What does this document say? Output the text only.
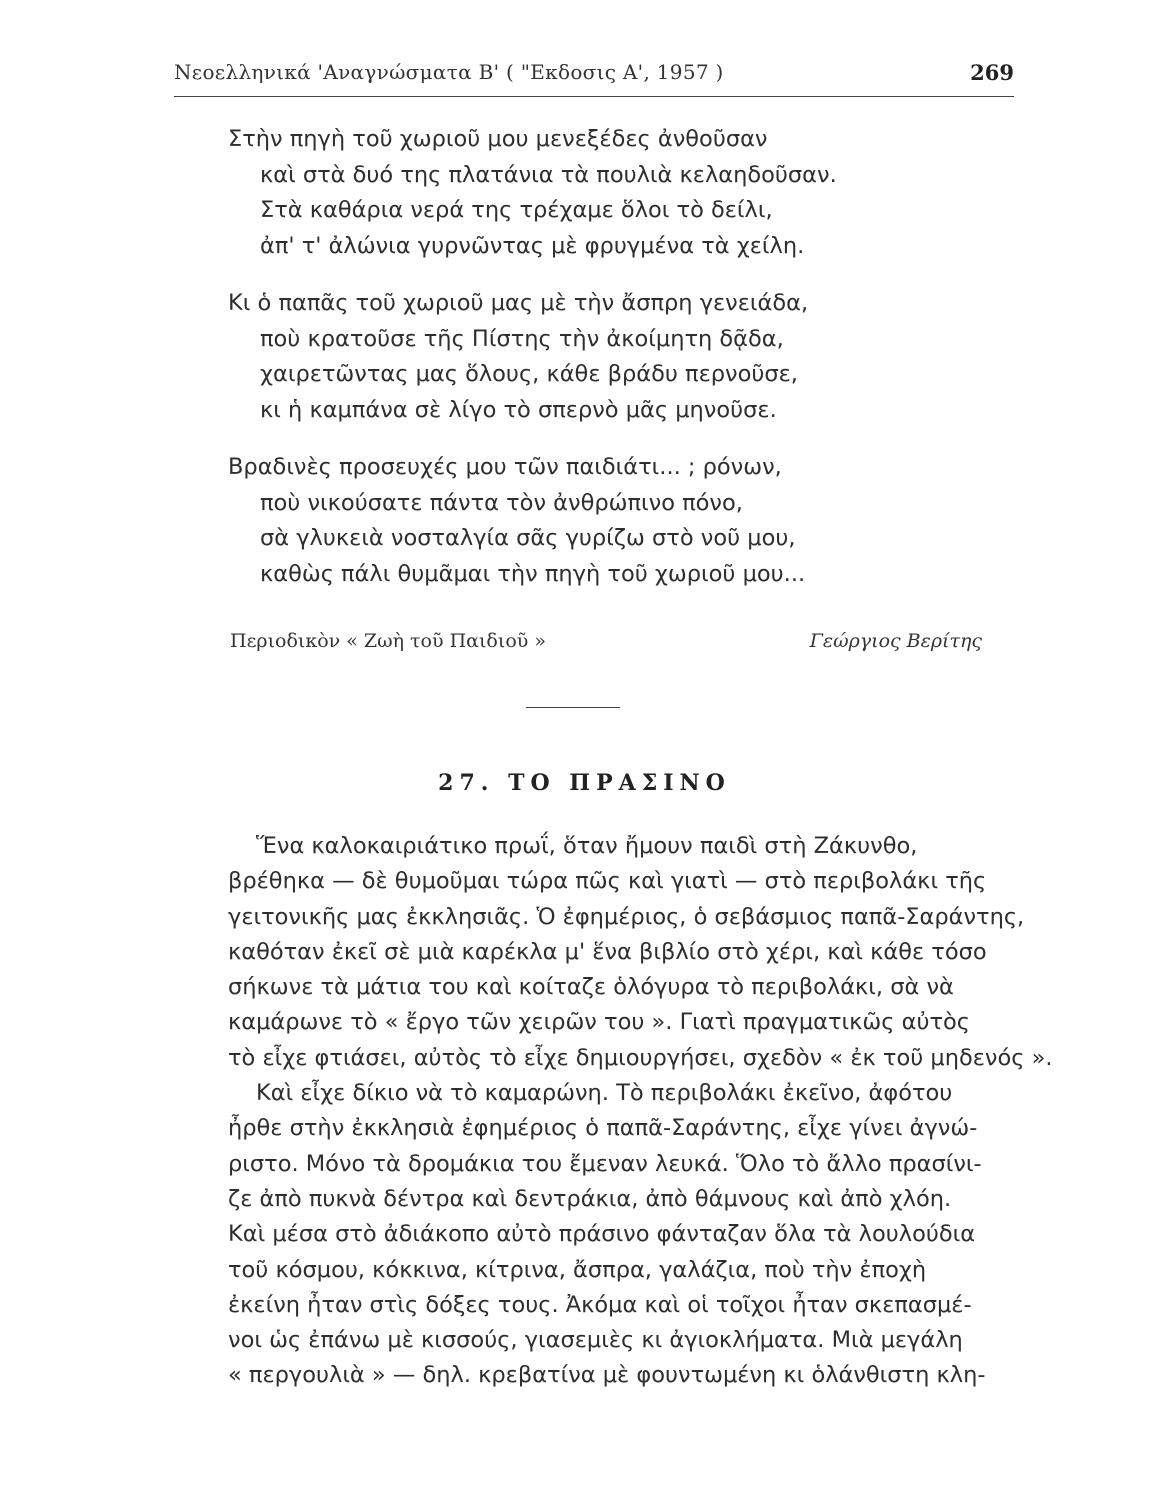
Νεοελληνικά 'Αναγνώσματα Β' ( "Εκδοσις Α', 1957 )	269
Στὴν πηγὴ τοῦ χωριοῦ μου μενεξέδες ἀνθοῦσαν
καὶ στὰ δυό της πλατάνια τὰ πουλιὰ κελαηδοῦσαν.
Στὰ καθάρια νερά της τρέχαμε ὅλοι τὸ δείλι,
ἀπ' τ' ἀλώνια γυρνῶντας μὲ φρυγμένα τὰ χείλη.
Κι ὁ παπᾶς τοῦ χωριοῦ μας μὲ τὴν ἄσπρη γενειάδα,
ποὺ κρατοῦσε τῆς Πίστης τὴν ἀκοίμητη δᾷδα,
χαιρετῶντας μας ὅλους, κάθε βράδυ περνοῦσε,
κι ἡ καμπάνα σὲ λίγο τὸ σπερνὸ μᾶς μηνοῦσε.
Βραδινὲς προσευχές μου τῶν παιδιάτι... ; ρόνων,
ποὺ νικούσατε πάντα τὸν ἀνθρώπινο πόνο,
σὰ γλυκειὰ νοσταλγία σᾶς γυρίζω στὸ νοῦ μου,
καθὼς πάλι θυμᾶμαι τὴν πηγὴ τοῦ χωριοῦ μου...
Περιοδικὸν « Ζωὴ τοῦ Παιδιοῦ »	Γεώργιος Βερίτης
27. ΤΟ ΠΡΑΣΙΝΟ
Ἕνα καλοκαιριάτικο πρωΐ, ὅταν ἤμουν παιδὶ στὴ Ζάκυνθο,
βρέθηκα — δὲ θυμοῦμαι τώρα πῶς καὶ γιατὶ — στὸ περιβολάκι τῆς
γειτονικῆς μας ἐκκλησιᾶς. Ὁ ἐφημέριος, ὁ σεβάσμιος παπᾶ-Σαράντης,
καθόταν ἐκεῖ σὲ μιὰ καρέκλα μ' ἕνα βιβλίο στὸ χέρι, καὶ κάθε τόσο
σήκωνε τὰ μάτια του καὶ κοίταζε ὁλόγυρα τὸ περιβολάκι, σὰ νὰ
καμάρωνε τὸ « ἔργο τῶν χειρῶν του ». Γιατὶ πραγματικῶς αὐτὸς
τὸ εἶχε φτιάσει, αὐτὸς τὸ εἶχε δημιουργήσει, σχεδὸν « ἐκ τοῦ μηδενός ».
Καὶ εἶχε δίκιο νὰ τὸ καμαρώνη. Τὸ περιβολάκι ἐκεῖνο, ἀφότου
ἦρθε στὴν ἐκκλησιὰ ἐφημέριος ὁ παπᾶ-Σαράντης, εἶχε γίνει ἀγνώ-
ριστο. Μόνο τὰ δρομάκια του ἔμεναν λευκά. Ὅλο τὸ ἄλλο πρασίνι-
ζε ἀπὸ πυκνὰ δέντρα καὶ δεντράκια, ἀπὸ θάμνους καὶ ἀπὸ χλόη.
Καὶ μέσα στὸ ἀδιάκοπο αὐτὸ πράσινο φάνταζαν ὅλα τὰ λουλούδια
τοῦ κόσμου, κόκκινα, κίτρινα, ἄσπρα, γαλάζια, ποὺ τὴν ἐποχὴ
ἐκείνη ἦταν στὶς δόξες τους. Ἀκόμα καὶ οἱ τοῖχοι ἦταν σκεπασμέ-
νοι ὡς ἐπάνω μὲ κισσούς, γιασεμιὲς κι ἀγιοκλήματα. Μιὰ μεγάλη
« περγουλιὰ » — δηλ. κρεβατίνα μὲ φουντωμένη κι ὁλάνθιστη κλη-
